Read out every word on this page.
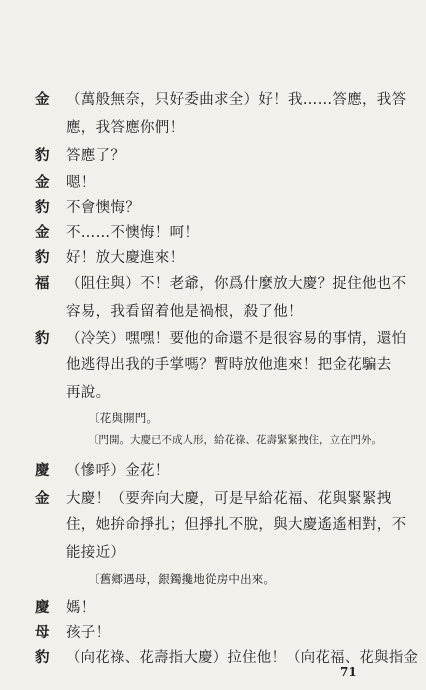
金 （萬般無奈，只好委曲求全）好！我……答應，我答
應，我答應你們！
豹 答應了？
金 嗯！
豹 不會懊悔？
金 不……不懊悔！呵！
豹 好！放大慶進來！
福 （阻住與）不！老爺，你爲什麼放大慶？捉住他也不
容易，我看留着他是禍根，殺了他！
豹 （冷笑）嘿嘿！要他的命還不是很容易的事情，還怕
他逃得出我的手掌嗎？暫時放他進來！把金花騙去
再說。
〔花與開門。
〔門開。大慶已不成人形，給花祿、花壽緊緊拽住，立在門外。
慶 （慘呼）金花！
金 大慶！（要奔向大慶，可是早給花福、花與緊緊拽
住，她拚命掙扎；但掙扎不脫，與大慶遙遙相對，不
能接近）
〔舊鄉遇母，銀鐲攙地從房中出來。
慶 媽！
母 孩子！
豹 （向花祿、花壽指大慶）拉住他！（向花福、花與指金
71
